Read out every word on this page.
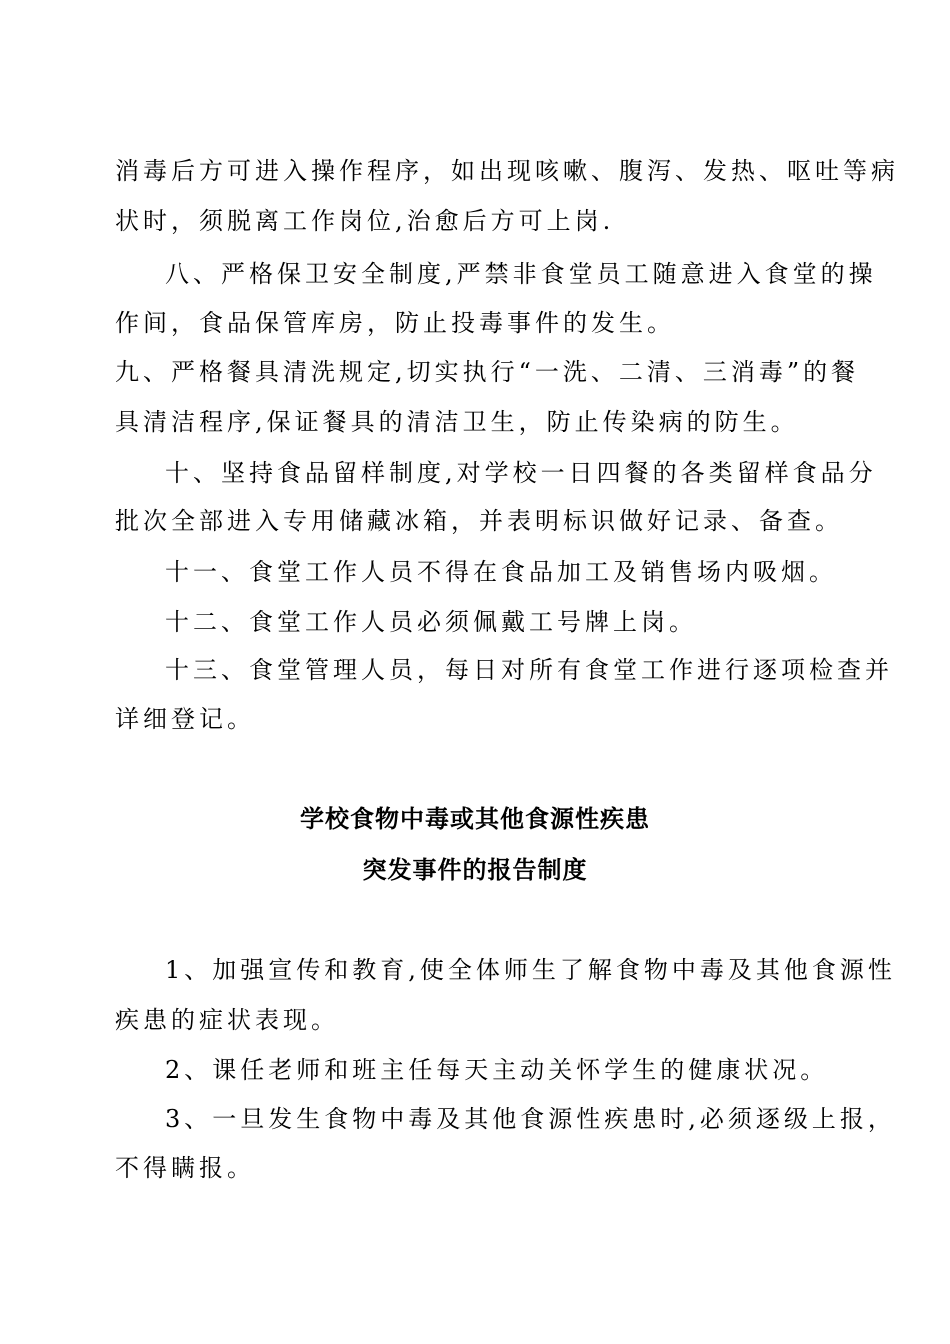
消毒后方可进入操作程序，如出现咳嗽、腹泻、发热、呕吐等病
状时，须脱离工作岗位,治愈后方可上岗.
八、严格保卫安全制度,严禁非食堂员工随意进入食堂的操
作间，食品保管库房，防止投毒事件的发生。
九、严格餐具清洗规定,切实执行“一洗、二清、三消毒”的餐
具清洁程序,保证餐具的清洁卫生，防止传染病的防生。
十、坚持食品留样制度,对学校一日四餐的各类留样食品分
批次全部进入专用储藏冰箱，并表明标识做好记录、备查。
十一、食堂工作人员不得在食品加工及销售场内吸烟。
十二、食堂工作人员必须佩戴工号牌上岗。
十三、食堂管理人员，每日对所有食堂工作进行逐项检查并
详细登记。
学校食物中毒或其他食源性疾患
突发事件的报告制度
1、加强宣传和教育,使全体师生了解食物中毒及其他食源性
疾患的症状表现。
2、课任老师和班主任每天主动关怀学生的健康状况。
3、一旦发生食物中毒及其他食源性疾患时,必须逐级上报，
不得瞒报。
